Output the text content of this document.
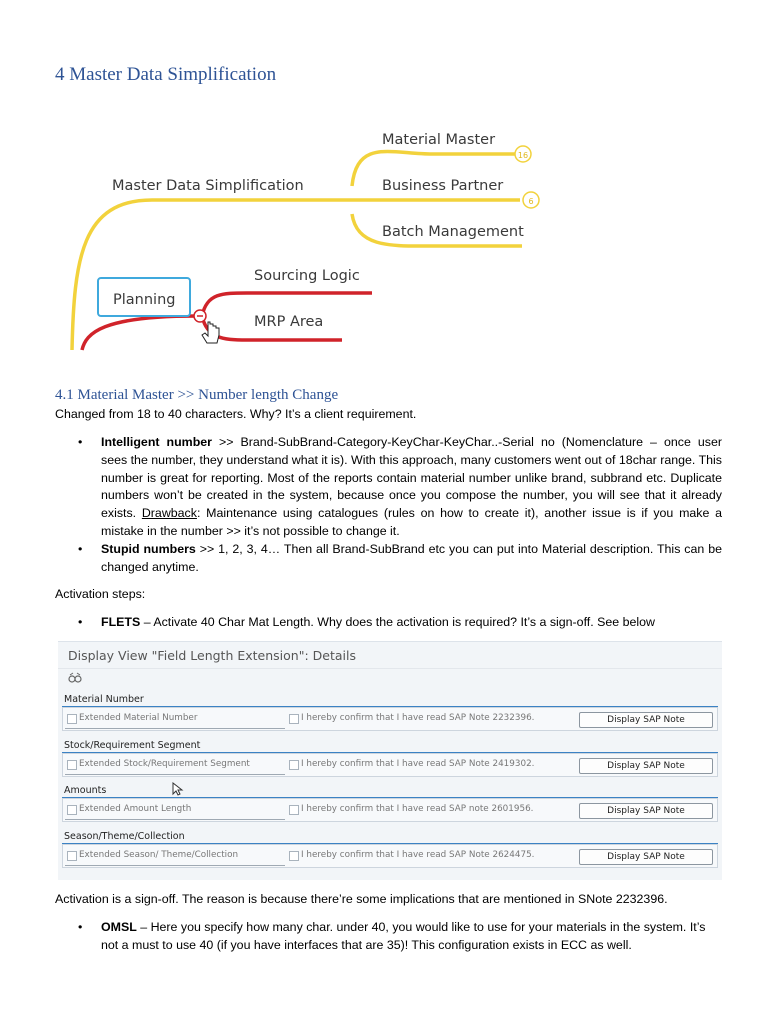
4 Master Data Simplification
16
6
Master Data Simplification
Material Master
Business Partner
Batch Management
Planning
Sourcing Logic
MRP Area
4.1 Material Master >> Number length Change

Changed from 18 to 40 characters. Why? It’s a client requirement.

• Intelligent number >> Brand-SubBrand-Category-KeyChar-KeyChar..-Serial no (Nomenclature – once user sees the number, they understand what it is). With this approach, many customers went out of 18char range. This number is great for reporting. Most of the reports contain material number unlike brand, subbrand etc. Duplicate numbers won’t be created in the system, because once you compose the number, you will see that it already exists. Drawback: Maintenance using catalogues (rules on how to create it), another issue is if you make a mistake in the number >> it’s not possible to change it.
• Stupid numbers >> 1, 2, 3, 4… Then all Brand-SubBrand etc you can put into Material description. This can be changed anytime.

Activation steps:

• FLETS – Activate 40 Char Mat Length. Why does the activation is required? It’s a sign-off. See below
Display View "Field Length Extension": Details
Material Number
Extended Material Number	I hereby confirm that I have read SAP Note 2232396.	Display SAP Note
Stock/Requirement Segment
Extended Stock/Requirement Segment	I hereby confirm that I have read SAP Note 2419302.	Display SAP Note
Amounts
Extended Amount Length	I hereby confirm that I have read SAP note 2601956.	Display SAP Note
Season/Theme/Collection
Extended Season/ Theme/Collection	I hereby confirm that I have read SAP Note 2624475.	Display SAP Note

Activation is a sign-off. The reason is because there’re some implications that are mentioned in SNote 2232396.

• OMSL – Here you specify how many char. under 40, you would like to use for your materials in the system. It’s not a must to use 40 (if you have interfaces that are 35)! This configuration exists in ECC as well.
